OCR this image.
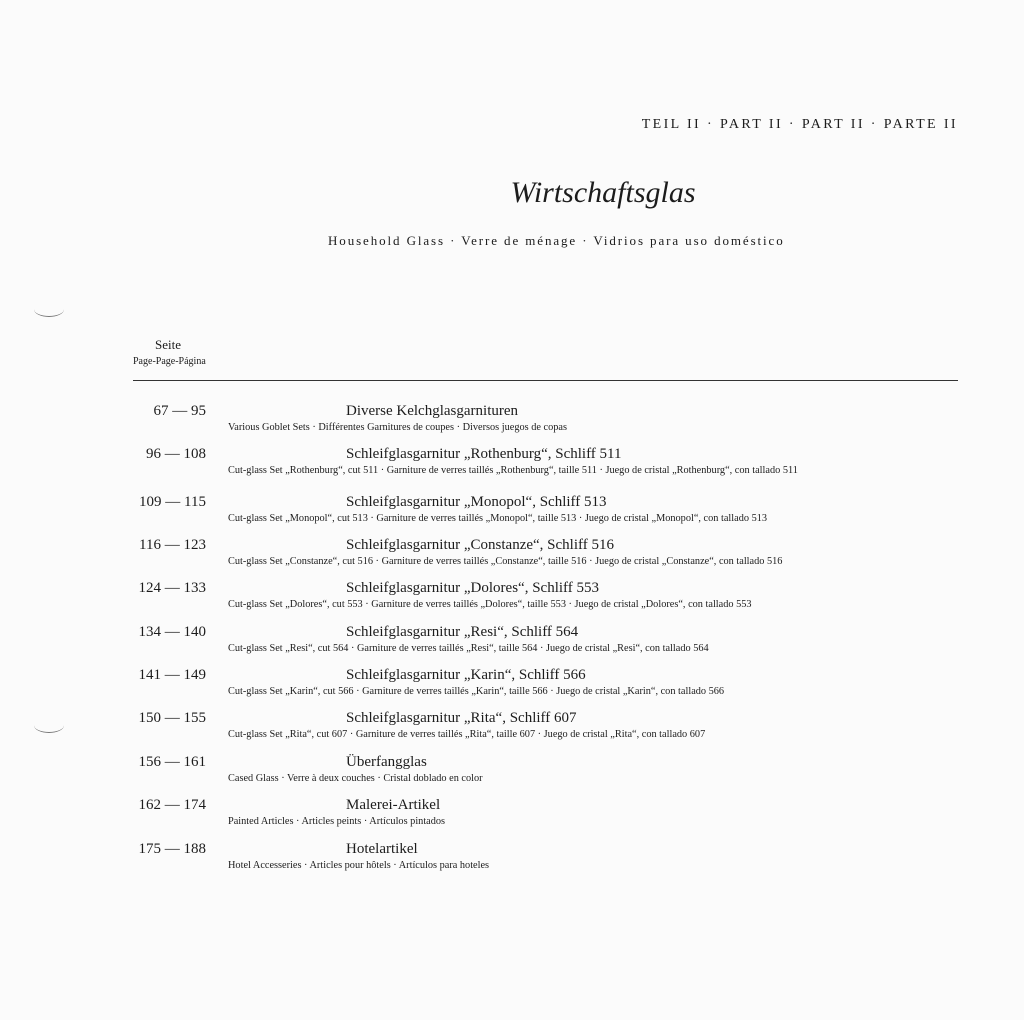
TEIL II · PART II · PART II · PARTE II
Wirtschaftsglas
Household Glass · Verre de ménage · Vidrios para uso doméstico
Seite
Page-Page-Página
67 — 95	Diverse Kelchglasgarnituren
Various Goblet Sets · Différentes Garnitures de coupes · Diversos juegos de copas
96 — 108	Schleifglasgarnitur „Rothenburg“, Schliff 511
Cut-glass Set „Rothenburg“, cut 511 · Garniture de verres taillés „Rothenburg“, taille 511 · Juego de cristal „Rothenburg“, con tallado 511
109 — 115	Schleifglasgarnitur „Monopol“, Schliff 513
Cut-glass Set „Monopol“, cut 513 · Garniture de verres taillés „Monopol“, taille 513 · Juego de cristal „Monopol“, con tallado 513
116 — 123	Schleifglasgarnitur „Constanze“, Schliff 516
Cut-glass Set „Constanze“, cut 516 · Garniture de verres taillés „Constanze“, taille 516 · Juego de cristal „Constanze“, con tallado 516
124 — 133	Schleifglasgarnitur „Dolores“, Schliff 553
Cut-glass Set „Dolores“, cut 553 · Garniture de verres taillés „Dolores“, taille 553 · Juego de cristal „Dolores“, con tallado 553
134 — 140	Schleifglasgarnitur „Resi“, Schliff 564
Cut-glass Set „Resi“, cut 564 · Garniture de verres taillés „Resi“, taille 564 · Juego de cristal „Resi“, con tallado 564
141 — 149	Schleifglasgarnitur „Karin“, Schliff 566
Cut-glass Set „Karin“, cut 566 · Garniture de verres taillés „Karin“, taille 566 · Juego de cristal „Karin“, con tallado 566
150 — 155	Schleifglasgarnitur „Rita“, Schliff 607
Cut-glass Set „Rita“, cut 607 · Garniture de verres taillés „Rita“, taille 607 · Juego de cristal „Rita“, con tallado 607
156 — 161	Überfangglas
Cased Glass · Verre à deux couches · Cristal doblado en color
162 — 174	Malerei-Artikel
Painted Articles · Articles peints · Artículos pintados
175 — 188	Hotelartikel
Hotel Accesseries · Articles pour hôtels · Artículos para hoteles
